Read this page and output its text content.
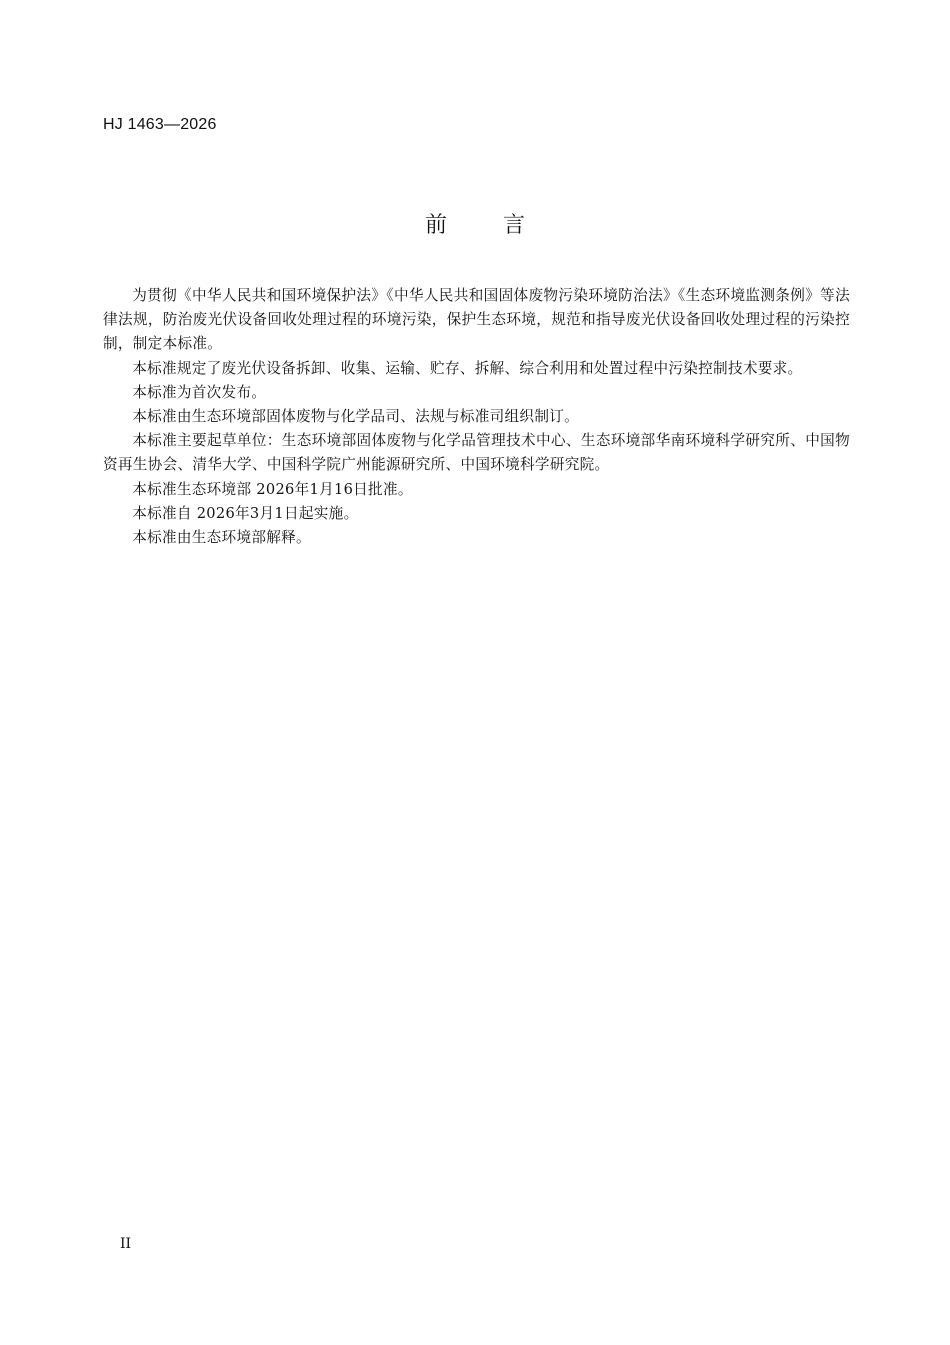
HJ 1463—2026
前言

为贯彻《中华人民共和国环境保护法》《中华人民共和国固体废物污染环境防治法》《生态环境监测条例》等法律法规，防治废光伏设备回收处理过程的环境污染，保护生态环境，规范和指导废光伏设备回收处理过程的污染控制，制定本标准。

本标准规定了废光伏设备拆卸、收集、运输、贮存、拆解、综合利用和处置过程中污染控制技术要求。

本标准为首次发布。

本标准由生态环境部固体废物与化学品司、法规与标准司组织制订。

本标准主要起草单位：生态环境部固体废物与化学品管理技术中心、生态环境部华南环境科学研究所、中国物资再生协会、清华大学、中国科学院广州能源研究所、中国环境科学研究院。

本标准生态环境部 2026年1月16日批准。

本标准自 2026年3月1日起实施。

本标准由生态环境部解释。

II
